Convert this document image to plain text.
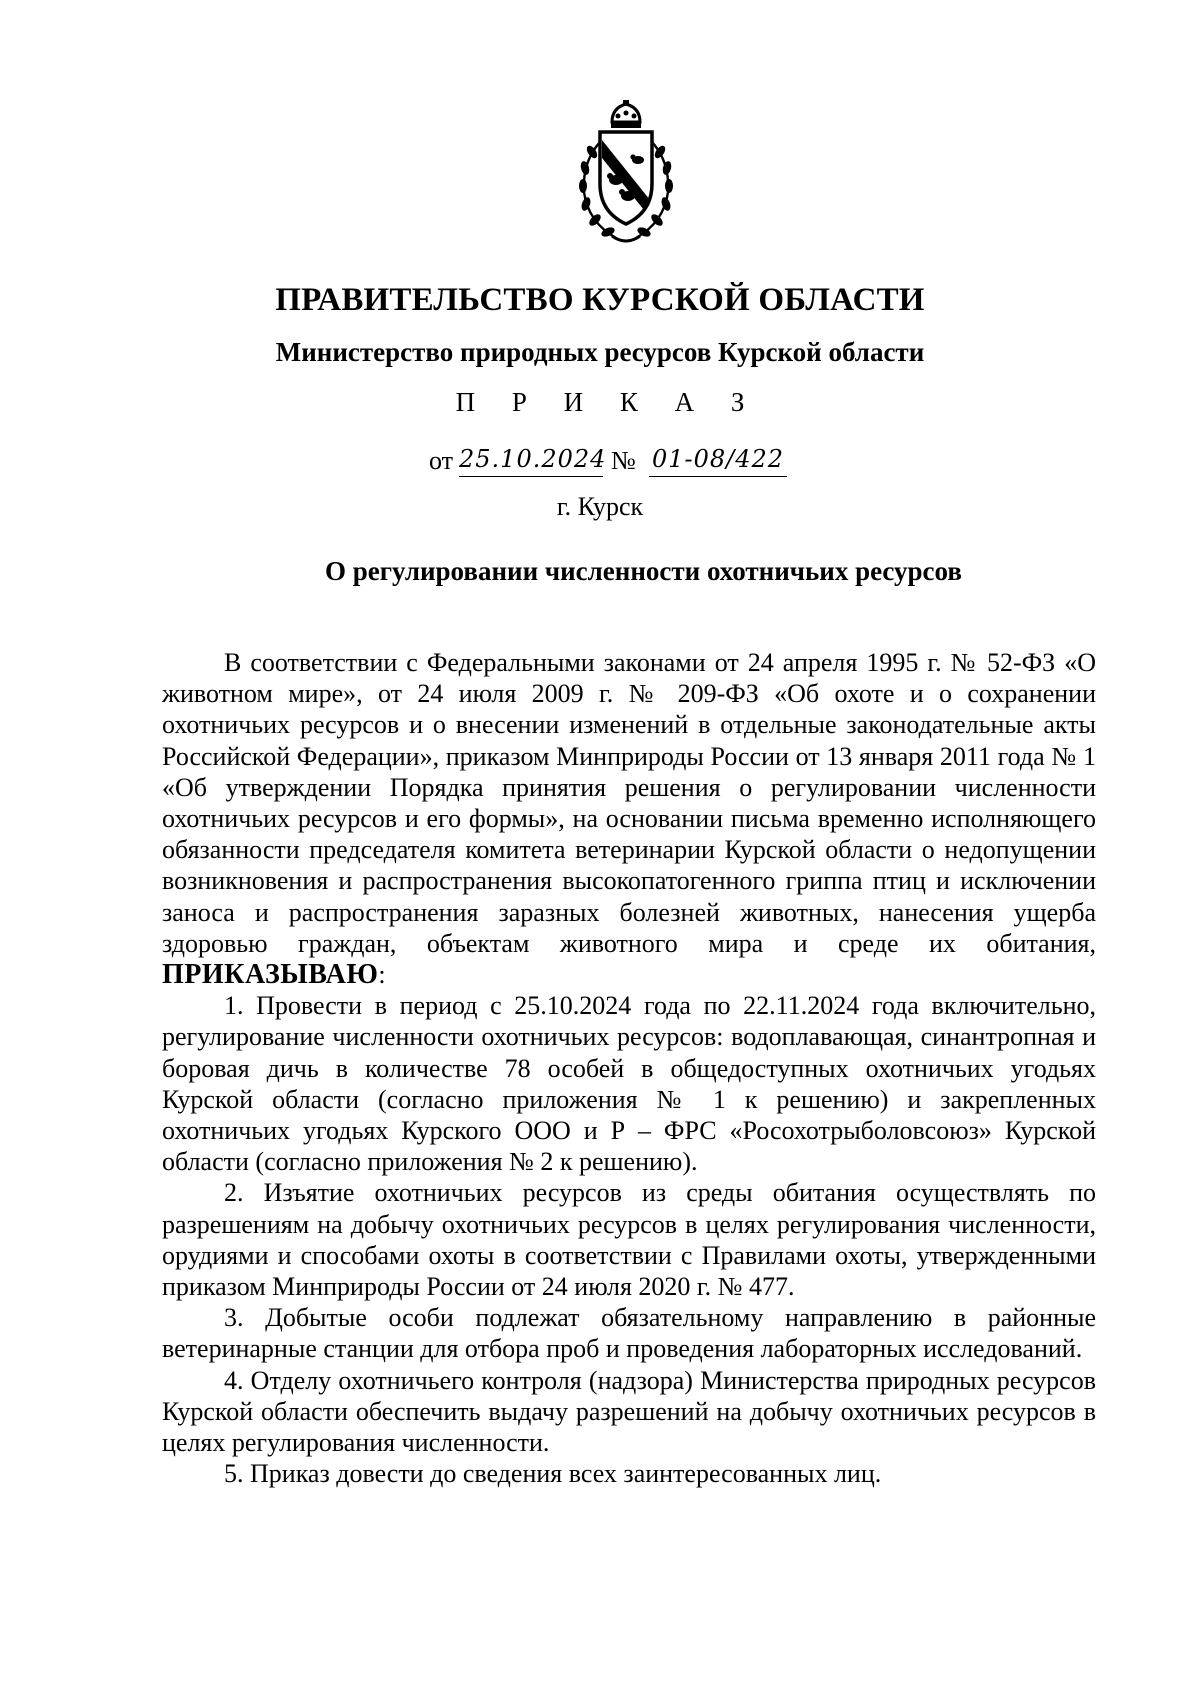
ПРАВИТЕЛЬСТВО КУРСКОЙ ОБЛАСТИ
Министерство природных ресурсов Курской области
П Р И К А З
от 25.10.2024 № 01-08/422
г. Курск
О регулировании численности охотничьих ресурсов

В соответствии с Федеральными законами от 24 апреля 1995 г. № 52-ФЗ «О животном мире», от 24 июля 2009 г. № 209-ФЗ «Об охоте и о сохранении охотничьих ресурсов и о внесении изменений в отдельные законодательные акты Российской Федерации», приказом Минприроды России от 13 января 2011 года № 1 «Об утверждении Порядка принятия решения о регулировании численности охотничьих ресурсов и его формы», на основании письма временно исполняющего обязанности председателя комитета ветеринарии Курской области о недопущении возникновения и распространения высокопатогенного гриппа птиц и исключении заноса и распространения заразных болезней животных, нанесения ущерба здоровью граждан, объектам животного мира и среде их обитания, ПРИКАЗЫВАЮ:

1. Провести в период с 25.10.2024 года по 22.11.2024 года включительно, регулирование численности охотничьих ресурсов: водоплавающая, синантропная и боровая дичь в количестве 78 особей в общедоступных охотничьих угодьях Курской области (согласно приложения № 1 к решению) и закрепленных охотничьих угодьях Курского ООО и Р – ФРС «Росохотрыболовсоюз» Курской области (согласно приложения № 2 к решению).

2. Изъятие охотничьих ресурсов из среды обитания осуществлять по разрешениям на добычу охотничьих ресурсов в целях регулирования численности, орудиями и способами охоты в соответствии с Правилами охоты, утвержденными приказом Минприроды России от 24 июля 2020 г. № 477.

3. Добытые особи подлежат обязательному направлению в районные ветеринарные станции для отбора проб и проведения лабораторных исследований.

4. Отделу охотничьего контроля (надзора) Министерства природных ресурсов Курской области обеспечить выдачу разрешений на добычу охотничьих ресурсов в целях регулирования численности.

5. Приказ довести до сведения всех заинтересованных лиц.
